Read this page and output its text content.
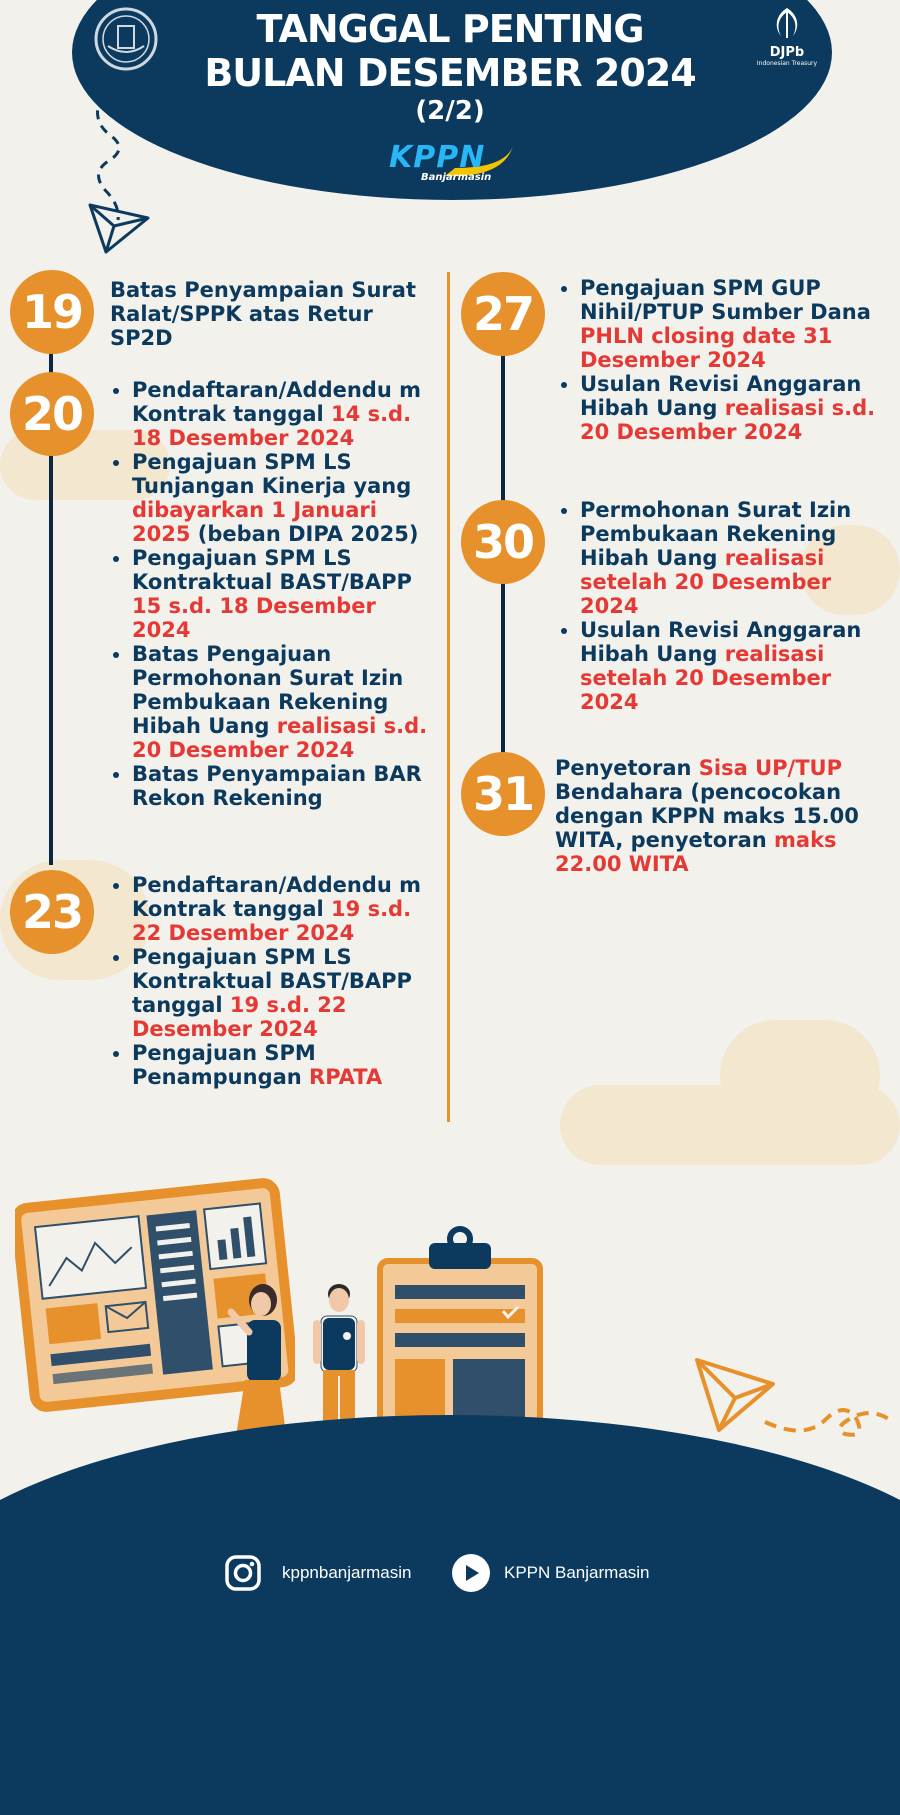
DJPb
Indonesian Treasury
TANGGAL PENTING
BULAN DESEMBER 2024
(2/2)
KPPN
Banjarmasin
19	Batas Penyampaian Surat Ralat/SPPK atas Retur SP2D
20	• Pendaftaran/Addendu m Kontrak tanggal 14 s.d. 18 Desember 2024
• Pengajuan SPM LS Tunjangan Kinerja yang dibayarkan 1 Januari 2025 (beban DIPA 2025)
• Pengajuan SPM LS Kontraktual BAST/BAPP 15 s.d. 18 Desember 2024
• Batas Pengajuan Permohonan Surat Izin Pembukaan Rekening Hibah Uang realisasi s.d. 20 Desember 2024
• Batas Penyampaian BAR Rekon Rekening
23	• Pendaftaran/Addendu m Kontrak tanggal 19 s.d. 22 Desember 2024
• Pengajuan SPM LS Kontraktual BAST/BAPP tanggal 19 s.d. 22 Desember 2024
• Pengajuan SPM Penampungan RPATA
27	• Pengajuan SPM GUP Nihil/PTUP Sumber Dana PHLN closing date 31 Desember 2024
• Usulan Revisi Anggaran Hibah Uang realisasi s.d. 20 Desember 2024
30
• Permohonan Surat Izin Pembukaan Rekening Hibah Uang realisasi setelah 20 Desember 2024
• Usulan Revisi Anggaran Hibah Uang realisasi setelah 20 Desember 2024
31	Penyetoran Sisa UP/TUP Bendahara (pencocokan dengan KPPN maks 15.00 WITA, penyetoran maks 22.00 WITA
kppnbanjarmasin	KPPN Banjarmasin
